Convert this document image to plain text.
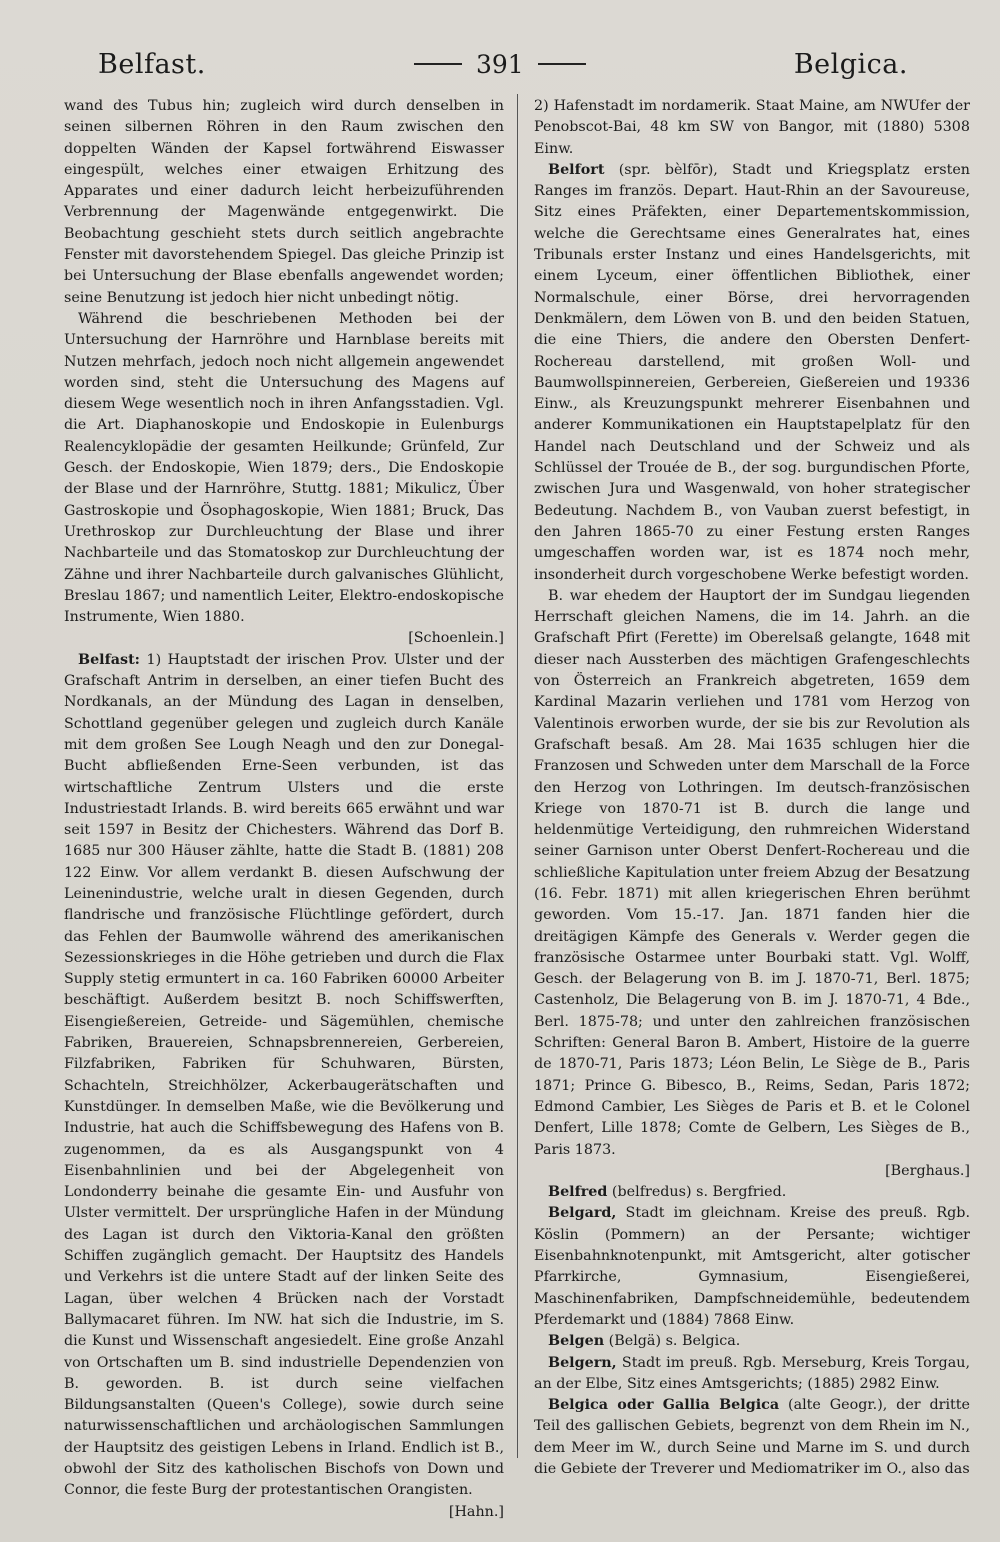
Belfast.	391	Belgica.

wand des Tubus hin; zugleich wird durch denselben in seinen silbernen Röhren in den Raum zwischen den doppelten Wänden der Kapsel fortwährend Eiswasser eingespült, welches einer etwaigen Erhitzung des Apparates und einer dadurch leicht herbeizuführenden Verbrennung der Magenwände entgegenwirkt. Die Beobachtung geschieht stets durch seitlich angebrachte Fenster mit davorstehendem Spiegel. Das gleiche Prinzip ist bei Untersuchung der Blase ebenfalls angewendet worden; seine Benutzung ist jedoch hier nicht unbedingt nötig.

Während die beschriebenen Methoden bei der Untersuchung der Harnröhre und Harnblase bereits mit Nutzen mehrfach, jedoch noch nicht allgemein angewendet worden sind, steht die Untersuchung des Magens auf diesem Wege wesentlich noch in ihren Anfangsstadien. Vgl. die Art. Diaphanoskopie und Endoskopie in Eulenburgs Realencyklopädie der gesamten Heilkunde; Grünfeld, Zur Gesch. der Endoskopie, Wien 1879; ders., Die Endoskopie der Blase und der Harnröhre, Stuttg. 1881; Mikulicz, Über Gastroskopie und Ösophagoskopie, Wien 1881; Bruck, Das Urethroskop zur Durchleuchtung der Blase und ihrer Nachbarteile und das Stomatoskop zur Durchleuchtung der Zähne und ihrer Nachbarteile durch galvanisches Glühlicht, Breslau 1867; und namentlich Leiter, Elektro-endoskopische Instrumente, Wien 1880.
[Schoenlein.]

Belfast: 1) Hauptstadt der irischen Prov. Ulster und der Grafschaft Antrim in derselben, an einer tiefen Bucht des Nordkanals, an der Mündung des Lagan in denselben, Schottland gegenüber gelegen und zugleich durch Kanäle mit dem großen See Lough Neagh und den zur Donegal-Bucht abfließenden Erne-Seen verbunden, ist das wirtschaftliche Zentrum Ulsters und die erste Industriestadt Irlands. B. wird bereits 665 erwähnt und war seit 1597 in Besitz der Chichesters. Während das Dorf B. 1685 nur 300 Häuser zählte, hatte die Stadt B. (1881) 208 122 Einw. Vor allem verdankt B. diesen Aufschwung der Leinenindustrie, welche uralt in diesen Gegenden, durch flandrische und französische Flüchtlinge gefördert, durch das Fehlen der Baumwolle während des amerikanischen Sezessionskrieges in die Höhe getrieben und durch die Flax Supply stetig ermuntert in ca. 160 Fabriken 60000 Arbeiter beschäftigt. Außerdem besitzt B. noch Schiffswerften, Eisengießereien, Getreide- und Sägemühlen, chemische Fabriken, Brauereien, Schnapsbrennereien, Gerbereien, Filzfabriken, Fabriken für Schuhwaren, Bürsten, Schachteln, Streichhölzer, Ackerbaugerätschaften und Kunstdünger. In demselben Maße, wie die Bevölkerung und Industrie, hat auch die Schiffsbewegung des Hafens von B. zugenommen, da es als Ausgangspunkt von 4 Eisenbahnlinien und bei der Abgelegenheit von Londonderry beinahe die gesamte Ein- und Ausfuhr von Ulster vermittelt. Der ursprüngliche Hafen in der Mündung des Lagan ist durch den Viktoria-Kanal den größten Schiffen zugänglich gemacht. Der Hauptsitz des Handels und Verkehrs ist die untere Stadt auf der linken Seite des Lagan, über welchen 4 Brücken nach der Vorstadt Ballymacaret führen. Im NW. hat sich die Industrie, im S. die Kunst und Wissenschaft angesiedelt. Eine große Anzahl von Ortschaften um B. sind industrielle Dependenzien von B. geworden. B. ist durch seine vielfachen Bildungsanstalten (Queen's College), sowie durch seine naturwissenschaftlichen und archäologischen Sammlungen der Hauptsitz des geistigen Lebens in Irland. Endlich ist B., obwohl der Sitz des katholischen Bischofs von Down und Connor, die feste Burg der protestantischen Orangisten.
[Hahn.]

2) Hafenstadt im nordamerik. Staat Maine, am NWUfer der Penobscot-Bai, 48 km SW von Bangor, mit (1880) 5308 Einw.

Belfort (spr. bèlfōr), Stadt und Kriegsplatz ersten Ranges im französ. Depart. Haut-Rhin an der Savoureuse, Sitz eines Präfekten, einer Departementskommission, welche die Gerechtsame eines Generalrates hat, eines Tribunals erster Instanz und eines Handelsgerichts, mit einem Lyceum, einer öffentlichen Bibliothek, einer Normalschule, einer Börse, drei hervorragenden Denkmälern, dem Löwen von B. und den beiden Statuen, die eine Thiers, die andere den Obersten Denfert-Rochereau darstellend, mit großen Woll- und Baumwollspinnereien, Gerbereien, Gießereien und 19336 Einw., als Kreuzungspunkt mehrerer Eisenbahnen und anderer Kommunikationen ein Hauptstapelplatz für den Handel nach Deutschland und der Schweiz und als Schlüssel der Trouée de B., der sog. burgundischen Pforte, zwischen Jura und Wasgenwald, von hoher strategischer Bedeutung. Nachdem B., von Vauban zuerst befestigt, in den Jahren 1865-70 zu einer Festung ersten Ranges umgeschaffen worden war, ist es 1874 noch mehr, insonderheit durch vorgeschobene Werke befestigt worden.

B. war ehedem der Hauptort der im Sundgau liegenden Herrschaft gleichen Namens, die im 14. Jahrh. an die Grafschaft Pfirt (Ferette) im Oberelsaß gelangte, 1648 mit dieser nach Aussterben des mächtigen Grafengeschlechts von Österreich an Frankreich abgetreten, 1659 dem Kardinal Mazarin verliehen und 1781 vom Herzog von Valentinois erworben wurde, der sie bis zur Revolution als Grafschaft besaß. Am 28. Mai 1635 schlugen hier die Franzosen und Schweden unter dem Marschall de la Force den Herzog von Lothringen. Im deutsch-französischen Kriege von 1870-71 ist B. durch die lange und heldenmütige Verteidigung, den ruhmreichen Widerstand seiner Garnison unter Oberst Denfert-Rochereau und die schließliche Kapitulation unter freiem Abzug der Besatzung (16. Febr. 1871) mit allen kriegerischen Ehren berühmt geworden. Vom 15.-17. Jan. 1871 fanden hier die dreitägigen Kämpfe des Generals v. Werder gegen die französische Ostarmee unter Bourbaki statt. Vgl. Wolff, Gesch. der Belagerung von B. im J. 1870-71, Berl. 1875; Castenholz, Die Belagerung von B. im J. 1870-71, 4 Bde., Berl. 1875-78; und unter den zahlreichen französischen Schriften: General Baron B. Ambert, Histoire de la guerre de 1870-71, Paris 1873; Léon Belin, Le Siège de B., Paris 1871; Prince G. Bibesco, B., Reims, Sedan, Paris 1872; Edmond Cambier, Les Sièges de Paris et B. et le Colonel Denfert, Lille 1878; Comte de Gelbern, Les Sièges de B., Paris 1873.
[Berghaus.]

Belfred (belfredus) s. Bergfried.

Belgard, Stadt im gleichnam. Kreise des preuß. Rgb. Köslin (Pommern) an der Persante; wichtiger Eisenbahnknotenpunkt, mit Amtsgericht, alter gotischer Pfarrkirche, Gymnasium, Eisengießerei, Maschinenfabriken, Dampfschneidemühle, bedeutendem Pferdemarkt und (1884) 7868 Einw.

Belgen (Belgä) s. Belgica.

Belgern, Stadt im preuß. Rgb. Merseburg, Kreis Torgau, an der Elbe, Sitz eines Amtsgerichts; (1885) 2982 Einw.

Belgica oder Gallia Belgica (alte Geogr.), der dritte Teil des gallischen Gebiets, begrenzt von dem Rhein im N., dem Meer im W., durch Seine und Marne im S. und durch die Gebiete der Treverer und Mediomatriker im O., also das
